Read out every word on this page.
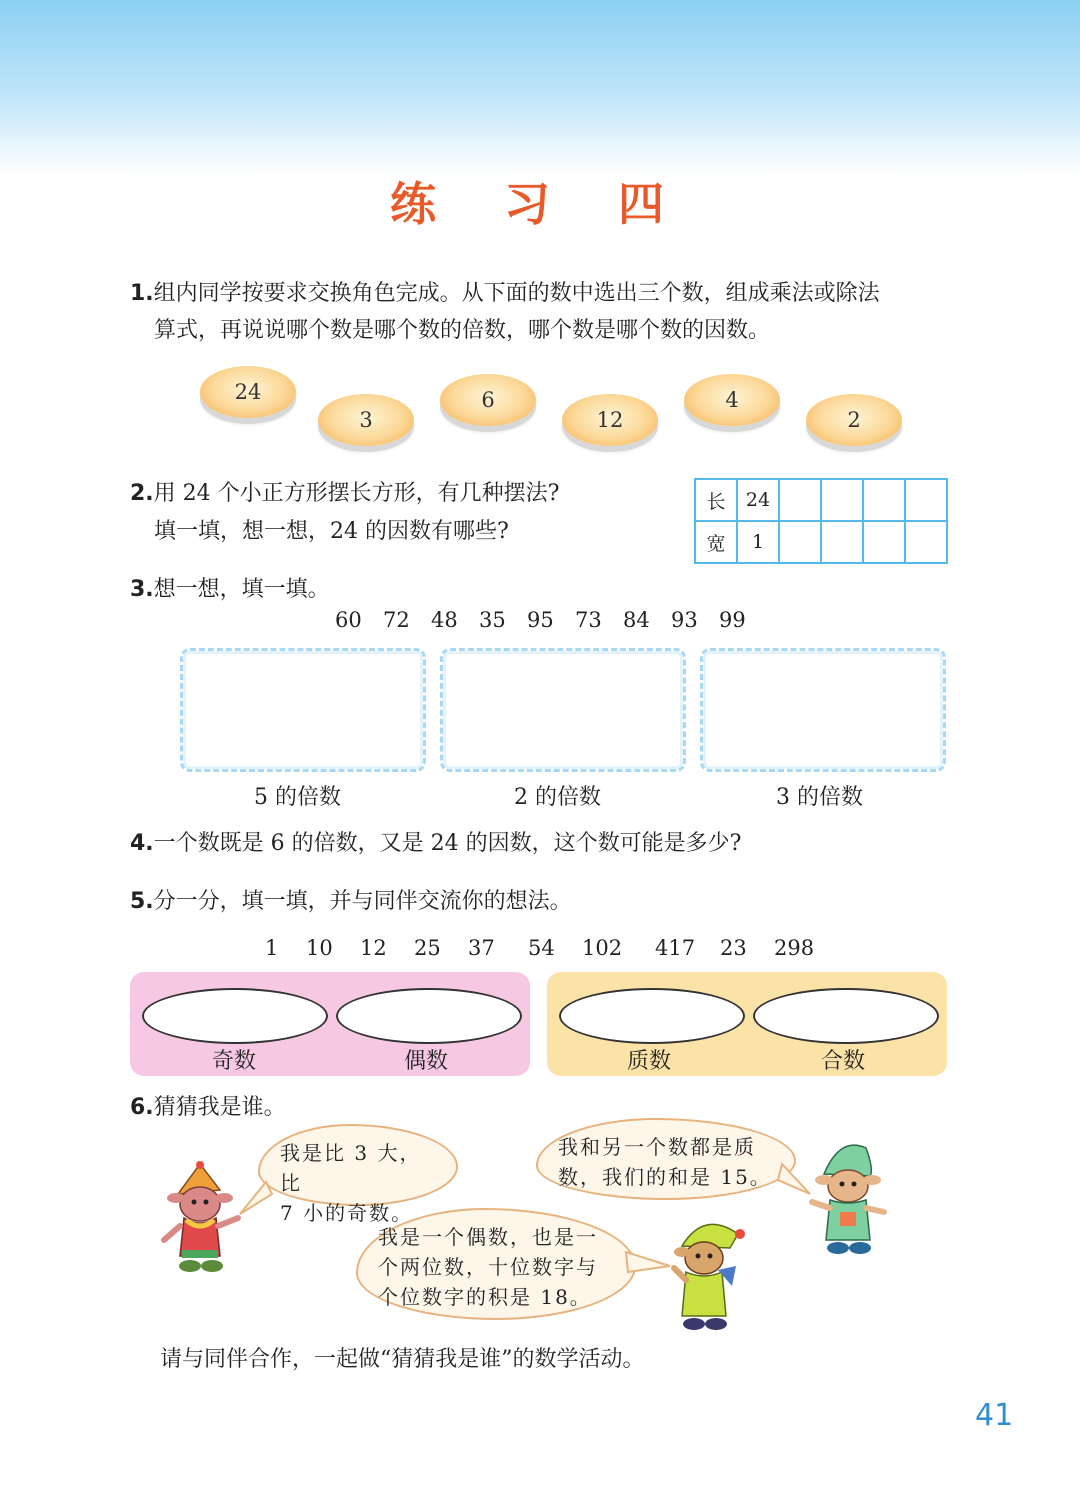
练 习 四
1.组内同学按要求交换角色完成。从下面的数中选出三个数，组成乘法或除法
算式，再说说哪个数是哪个数的倍数，哪个数是哪个数的因数。
24
3
6
12
4
2
2.用 24 个小正方形摆长方形，有几种摆法?
填一填，想一想，24 的因数有哪些?
长	24				
宽	1				
3.想一想，填一填。
60 72 48 35 95 73 84 93 99
5 的倍数	2 的倍数	3 的倍数
4.一个数既是 6 的倍数，又是 24 的因数，这个数可能是多少?
5.分一分，填一填，并与同伴交流你的想法。
1 10 12 25 37 54 102 417 23 298
奇数	偶数	质数	合数
6.猜猜我是谁。
我是比 3 大，比
7 小的奇数。
我和另一个数都是质
数，我们的和是 15。
我是一个偶数，也是一
个两位数，十位数字与
个位数字的积是 18。
请与同伴合作，一起做“猜猜我是谁”的数学活动。
41
